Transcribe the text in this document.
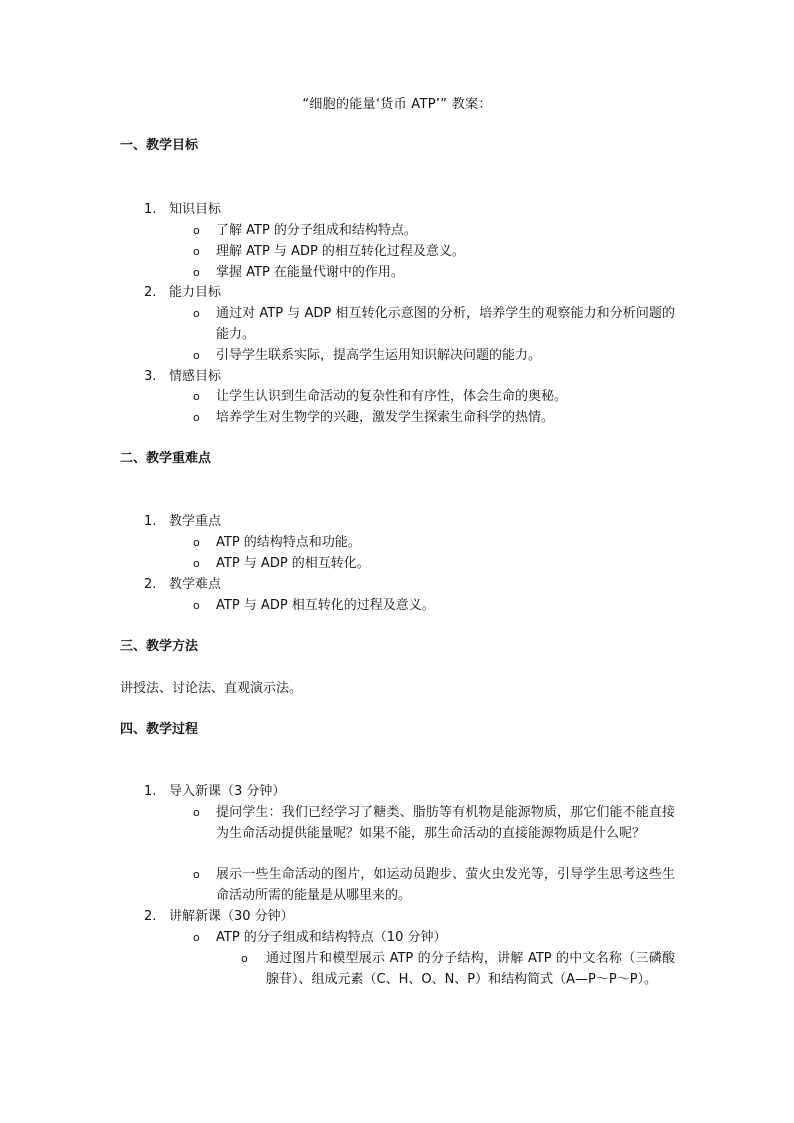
“细胞的能量‘货币 ATP’” 教案：
一、教学目标
1. 知识目标
o 了解 ATP 的分子组成和结构特点。
o 理解 ATP 与 ADP 的相互转化过程及意义。
o 掌握 ATP 在能量代谢中的作用。
2. 能力目标
o 通过对 ATP 与 ADP 相互转化示意图的分析，培养学生的观察能力和分析问题的能力。
o 引导学生联系实际，提高学生运用知识解决问题的能力。
3. 情感目标
o 让学生认识到生命活动的复杂性和有序性，体会生命的奥秘。
o 培养学生对生物学的兴趣，激发学生探索生命科学的热情。
二、教学重难点
1. 教学重点
o ATP 的结构特点和功能。
o ATP 与 ADP 的相互转化。
2. 教学难点
o ATP 与 ADP 相互转化的过程及意义。
三、教学方法
讲授法、讨论法、直观演示法。
四、教学过程
1. 导入新课（3 分钟）
o 提问学生：我们已经学习了糖类、脂肪等有机物是能源物质，那它们能不能直接为生命活动提供能量呢？如果不能，那生命活动的直接能源物质是什么呢？
o 展示一些生命活动的图片，如运动员跑步、萤火虫发光等，引导学生思考这些生命活动所需的能量是从哪里来的。
2. 讲解新课（30 分钟）
o ATP 的分子组成和结构特点（10 分钟）
o 通过图片和模型展示 ATP 的分子结构，讲解 ATP 的中文名称（三磷酸腺苷）、组成元素（C、H、O、N、P）和结构简式（A—P～P～P）。
